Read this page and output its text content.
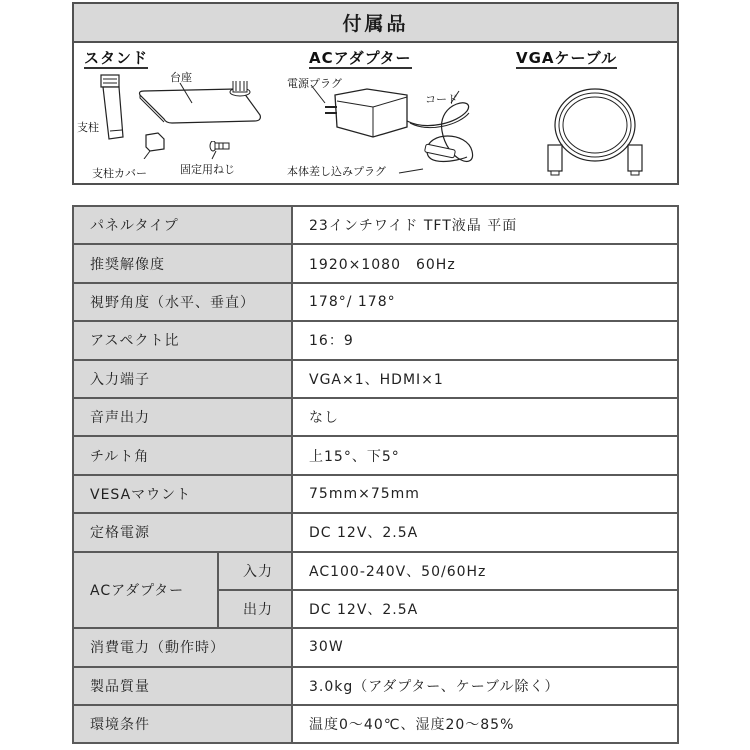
付属品
スタンド
台座
支柱
支柱カバー	固定用ねじ
ACアダプター
電源プラグ
コード
本体差し込みプラグ
VGAケーブル
パネルタイプ		23インチワイド TFT液晶 平面
推奨解像度		1920×1080　60Hz
視野角度（水平、垂直）		178°/ 178°
アスペクト比		16：9
入力端子		VGA×1、HDMI×1
音声出力		なし
チルト角		上15°、下5°
VESAマウント		75mm×75mm
定格電源		DC 12V、2.5A
ACアダプター	入力	AC100-240V、50/60Hz
	出力	DC 12V、2.5A
消費電力（動作時）		30W
製品質量		3.0kg（アダプター、ケーブル除く）
環境条件		温度0～40℃、湿度20～85%
